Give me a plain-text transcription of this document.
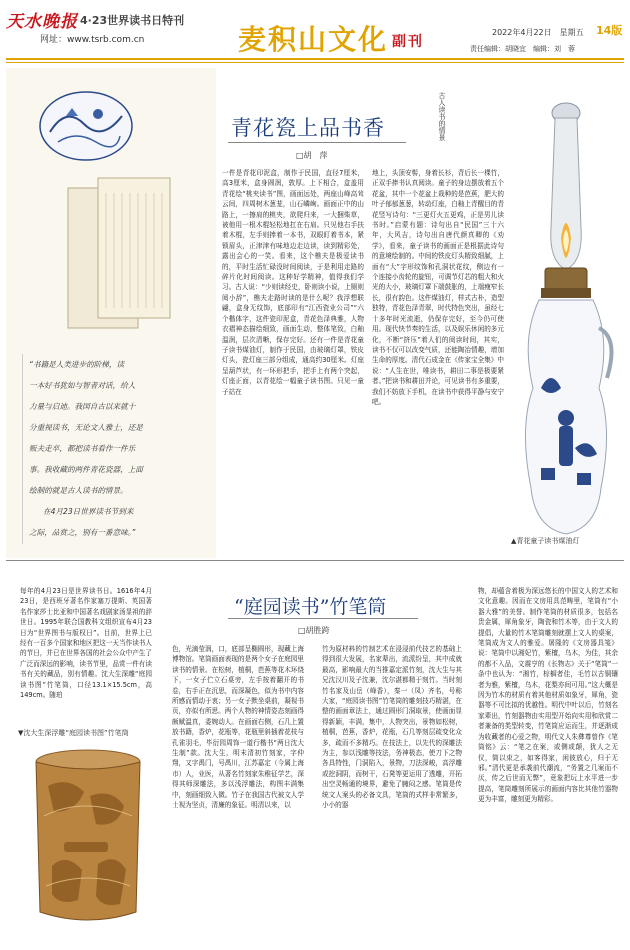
天水晚报 4·23世界读书日特刊
网址：www.tsrb.com.cn	麦积山文化 副刊
2022年4月22日　星期五 14版
责任编辑：胡晓宜　编辑：刘　蓉
“书籍是人类进步的阶梯，读
一本好书犹如与智者对话，给人
力量与启迪。我国自古以来就十
分重视读书，无论文人雅士，还是
贩夫走卒，都把读书看作一件乐
事。我收藏的两件青花瓷器，上面
绘制的就是古人读书的情景。
在4月23日世界读书节到来
之际，品赏之，别有一番意味。”
青花瓷上品书香
□胡　萍
古人读书的情景
一件是青花印泥盒，制作于民国，直径7厘米，高3厘米，盒身圆润，敦厚。上下相合，盒盖用青花绘“桃夹读书”图，画面远处，两座山峰高耸云间，四周树木葱茏，山石嶙峋。画面正中的山路上，一擦肩的桃夹，欲爬归来，一大捆柴草，被他用一根木棍轻松地扛在右肩。只见他右手扶着木棍，左手则捧着一本书，双眼盯着书本，紧锁眉头，正津津有味地边走边读，读到精彩处，露出会心的一笑。看来，这个樵夫是极爱读书的，平时生活忙碌没时间阅读，于是利用走路的碎片化时间阅读。这种好学精神，值得我们学习。古人说：“少则读经史，卧则读小说，上厕则阅小辞”，樵夫走路时读的是什么呢？我浮想联翩，盒身无纹饰，底部印有“江西瓷业公司”“六个楷体字，这件瓷印泥盒，青花色泽典雅，人物衣褶神态描绘细致，画面生动，整体笔致，白釉温润，层次清晰，保存完好。还有一件是青花童子读书煤油灯，制作于民国，由玻璃灯罩，铁皮灯头，瓷灯座三部分组成，通高约30厘米。灯座呈葫芦状，有一环形把手，把手上有两个突起，灯座正面，以青花绘一幅童子读书图。只见一童子站在
地上，头顶安髻，身着长衫，背后长一棵竹，正双手捧书认真阅读。童子的身边摆放着五个花盆，其中一个花盆上栽种的是芭蕉，肥大的叶子郁郁葱葱，转动灯座，白釉上青醒目的青花竖写诗句：“三更灯火五更鸡，正是男儿读书时。”启蒙有题：诗句出自“民国”三十六年，大风吉，诗句出自唐代颜真卿的《劝学》，看来，童子读书的画面正是根据此诗句的意境绘制的。中间的铁皮灯头精致细腻，上面有“大”字形纹饰和孔洞状花纹，侧边有一个连接小齿轮的旋钮，可调节灯芯的粗大和火光的大小，玻璃灯罩下端鼓胀的，上端瘦窄长长，很有韵色。这件煤油灯，样式古朴，造型独特，青花色泽青翠，时代特色突出，虽经七十多年时光流逝，仍保存完好，至今仍可使用。现代快节奏的生活，以及娱乐休闲的多元化，不断“挤压”着人们的阅读时间，其实，读书不仅可以改变气质，还能陶冶情趣，增加生命的厚度。清代石成金在《传家宝全集》中说：“人生在世，唯读书，耕田二事是极要紧者。”把读书和耕田并论，可见读书有多重要，我们不妨放下手机，在读书中获得平静与安宁吧。
▲青花童子读书煤油灯
“庭园读书”竹笔筒
□胡胜跨
每年的4月23日是世界读书日。1616年4月23日，是西班牙著名作家塞万提斯、英国著名作家莎士比亚和中国著名戏剧家汤显祖的辞世日。1995年联合国教科文组织宣布4月23日为“世界图书与版权日”。目前，世界上已经有一百多个国家和地区把这一天当作读书人的节日，并已在世界各国的社会公众中产生了广泛而深远的影响，读书节里，品赏一件有读书有关的藏品，别有情趣。沈大生深雕“庭园读书图”竹笔筒，口径13.1×15.5cm，高149cm。随珀
▼沈大生深浮雕“庭园读书图”竹笔筒
色，光滴莹润，口，底部呈椭圆形，现藏上海博物馆。笔筒画面表现的是两个女子在庭园里读书的情景。在松树，植桐，芭蕉等花木环绕下，一女子伫立石桌旁，左手按着翻开的书卷，右手正在沉思，而深凝色，似为书中内容所感而情动于衷；另一女子默坐桌前，凝视书页，亦似有所思。两个人物的神情姿态刻画得颇赋温真，委婉动人。在画面右侧，石几上置放书籍，香炉，花瓶等，花瓶里斜插着花枝与孔雀羽毛，毕衍园周饰一道行楷书“两日沈大生制”款。沈大生，明末清初竹刻家，字仲翔，又字禹门，号禹川，江苏嘉定（今属上海市）人，业医，从著名竹刻家朱稚征学艺，深得其师深雕法，多以浅浮雕法，构图丰满集中，刻画细致入微。竹子在我国古代被文人学士视为坚贞，清廉的象征。明清以来，以
竹为原材料的竹制艺术在浸浸前代技艺的基础上得到很大发展，名家辈出，流派纷呈，其中成就最高，影响最大的当推嘉定派竹刻，沈大生与其兄沈汉川及子沈兼，沈尔湛都精于刻竹。当时刻竹名家及山岳（峰香），秦一（凤）齐名，号称大家，“庭园读书图”竹笔筒的雕刻技巧精湛，在整的画面章法上，通过圆形门洞取景，使画面显得新颖，丰满，集中，人物突出，景物如松树，植桐，芭蕉，香炉，花瓶，石几等刻层疏变化众多，疏而不多精巧。在技法上，以先代的深雕法为主，参以浅雕等技法，务神极态，使刀下之物各具特性，门洞陷入，景物，刀法深峻，高浮雕或挖洞阴，而树干，石凳等更运用了透雕，开拓出空灵畅通的境界，避免了臃闷之感。笔筒是传统文人案头的必备文具，笔筒的式样非常繁多，小小的器
物，却蕴含着极为深远悠长的中国文人的艺术和文化意趣。因而在文房用具范畴里，笔筒有“小器大雅”的美誉。制作笔筒的材质很多，包括名贵金属，犀角象牙，陶瓷和竹木等，由于文人的提倡，大量的竹木笔筒雕刻就摆上文人的桌案，笔筒成为文人的雅爱。屠隆的《文房器具笺》说：笔筒中以湘妃竹，紫檀，乌木，为佳，其余的都不入品，文震亨的《长物志》关于“笔筒”一条中也认为：“湘竹，棕榈者佳，毛竹以古铜镶者为雅，紫檀，乌木，花梨亦间可用。”这大概是因为竹木的材质有着其他材质如象牙，犀角，瓷器等不可比拟的优越性。明代中叶以后，竹刻名家辈出，竹刻器物由实用型开始向实用和欣赏二者兼备的类型转变，竹笔筒应运而生，并逐渐成为收藏者的心爱之物，明代文人朱彝尊曾作《笔筒铭》云：“笔之在案，或侧或颠，犹人之无仪，简以束之，如客得家，闲彼放心，归于无邪。”清代更是承袭前代潮流，“务置之几案而不厌，传之后世而无弊”，竟象把玩上水平进一步提高，笔筒雕刻所展示的画面内容比其他竹器物更为丰富，雕刻更为精彩。
